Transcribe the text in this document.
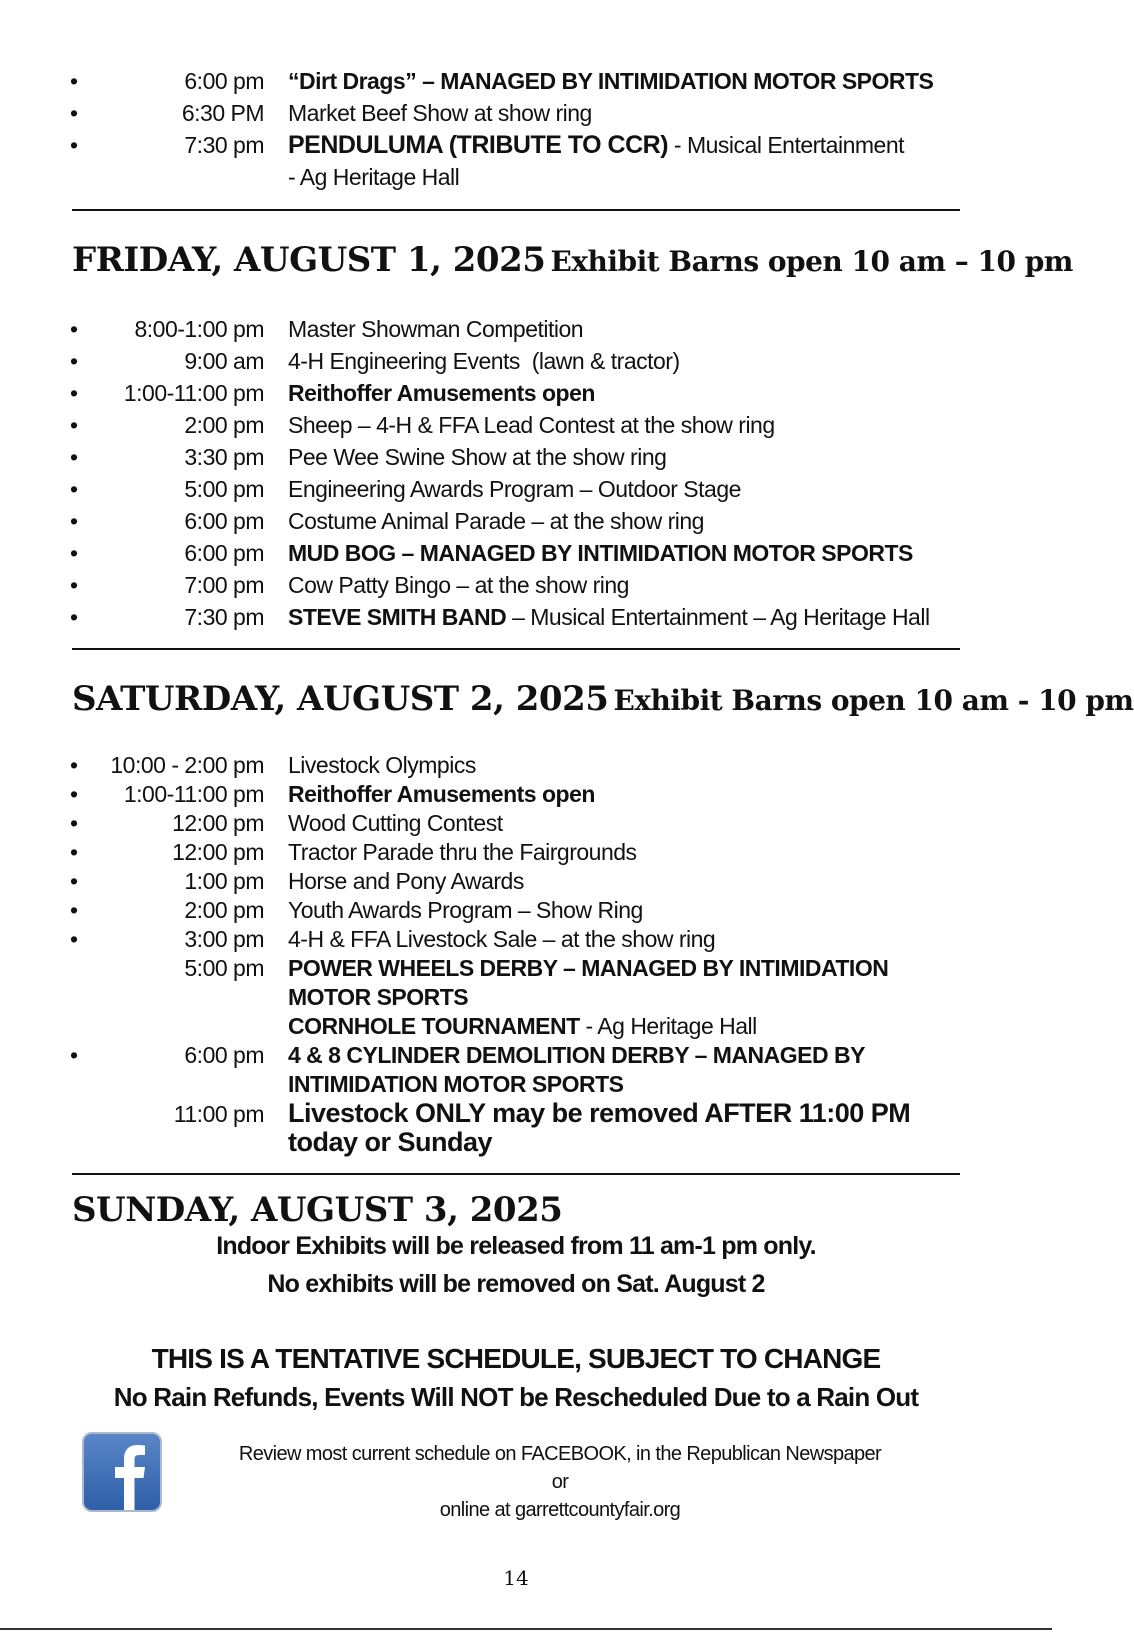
•	6:00 pm “Dirt Drags” – MANAGED BY INTIMIDATION MOTOR SPORTS
•	6:30 PM Market Beef Show at show ring
•	7:30 pm PENDULUMA (TRIBUTE TO CCR) - Musical Entertainment
- Ag Heritage Hall
FRIDAY, AUGUST 1, 2025 Exhibit Barns open 10 am – 10 pm
•	8:00-1:00 pm Master Showman Competition
•	9:00 am 4-H Engineering Events  (lawn & tractor)
•	1:00-11:00 pm Reithoffer Amusements open
•	2:00 pm Sheep – 4-H & FFA Lead Contest at the show ring
•	3:30 pm Pee Wee Swine Show at the show ring
•	5:00 pm Engineering Awards Program – Outdoor Stage
•	6:00 pm Costume Animal Parade – at the show ring
•	6:00 pm MUD BOG – MANAGED BY INTIMIDATION MOTOR SPORTS
•	7:00 pm Cow Patty Bingo – at the show ring
•	7:30 pm STEVE SMITH BAND – Musical Entertainment – Ag Heritage Hall
SATURDAY, AUGUST 2, 2025 Exhibit Barns open 10 am - 10 pm
•	10:00 - 2:00 pm Livestock Olympics
•	1:00-11:00 pm Reithoffer Amusements open
•	12:00 pm Wood Cutting Contest
•	12:00 pm Tractor Parade thru the Fairgrounds
•	1:00 pm Horse and Pony Awards
•	2:00 pm Youth Awards Program – Show Ring
•	3:00 pm 4-H & FFA Livestock Sale – at the show ring
5:00 pm POWER WHEELS DERBY – MANAGED BY INTIMIDATION
MOTOR SPORTS
CORNHOLE TOURNAMENT - Ag Heritage Hall
•	6:00 pm 4 & 8 CYLINDER DEMOLITION DERBY – MANAGED BY
INTIMIDATION MOTOR SPORTS
11:00 pm Livestock ONLY may be removed AFTER 11:00 PM
today or Sunday
SUNDAY, AUGUST 3, 2025
Indoor Exhibits will be released from 11 am-1 pm only.
No exhibits will be removed on Sat. August 2
THIS IS A TENTATIVE SCHEDULE, SUBJECT TO CHANGE
No Rain Refunds, Events Will NOT be Rescheduled Due to a Rain Out
Review most current schedule on FACEBOOK, in the Republican Newspaper or
online at garrettcountyfair.org
14
